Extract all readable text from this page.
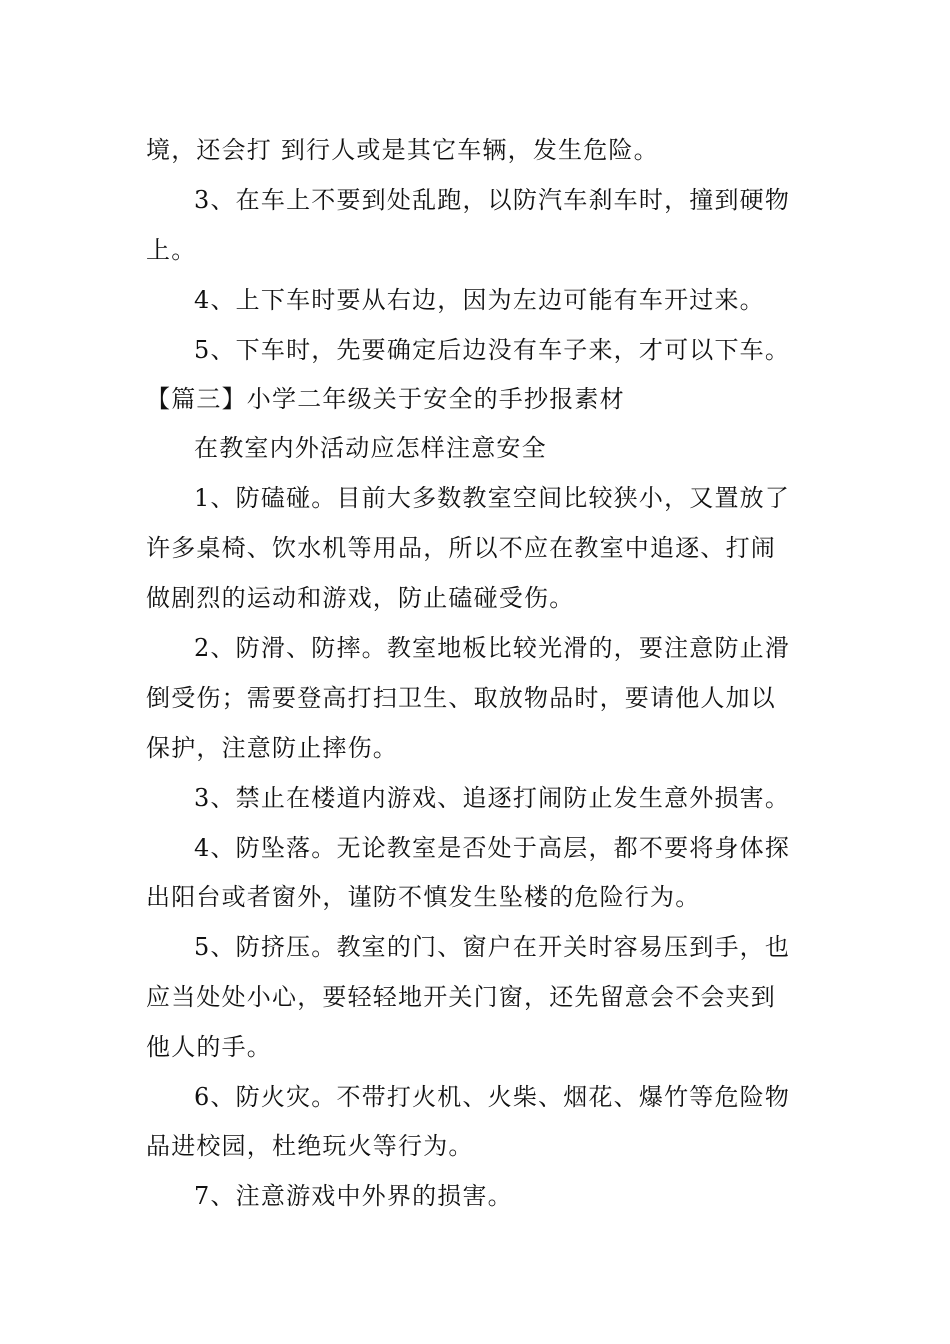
境，还会打 到行人或是其它车辆，发生危险。
3、在车上不要到处乱跑，以防汽车刹车时，撞到硬物
上。
4、上下车时要从右边，因为左边可能有车开过来。
5、下车时，先要确定后边没有车子来，才可以下车。
【篇三】小学二年级关于安全的手抄报素材
在教室内外活动应怎样注意安全
1、防磕碰。目前大多数教室空间比较狭小，又置放了
许多桌椅、饮水机等用品，所以不应在教室中追逐、打闹
做剧烈的运动和游戏，防止磕碰受伤。
2、防滑、防摔。教室地板比较光滑的，要注意防止滑
倒受伤；需要登高打扫卫生、取放物品时，要请他人加以
保护，注意防止摔伤。
3、禁止在楼道内游戏、追逐打闹防止发生意外损害。
4、防坠落。无论教室是否处于高层，都不要将身体探
出阳台或者窗外，谨防不慎发生坠楼的危险行为。
5、防挤压。教室的门、窗户在开关时容易压到手，也
应当处处小心，要轻轻地开关门窗，还先留意会不会夹到
他人的手。
6、防火灾。不带打火机、火柴、烟花、爆竹等危险物
品进校园，杜绝玩火等行为。
7、注意游戏中外界的损害。
